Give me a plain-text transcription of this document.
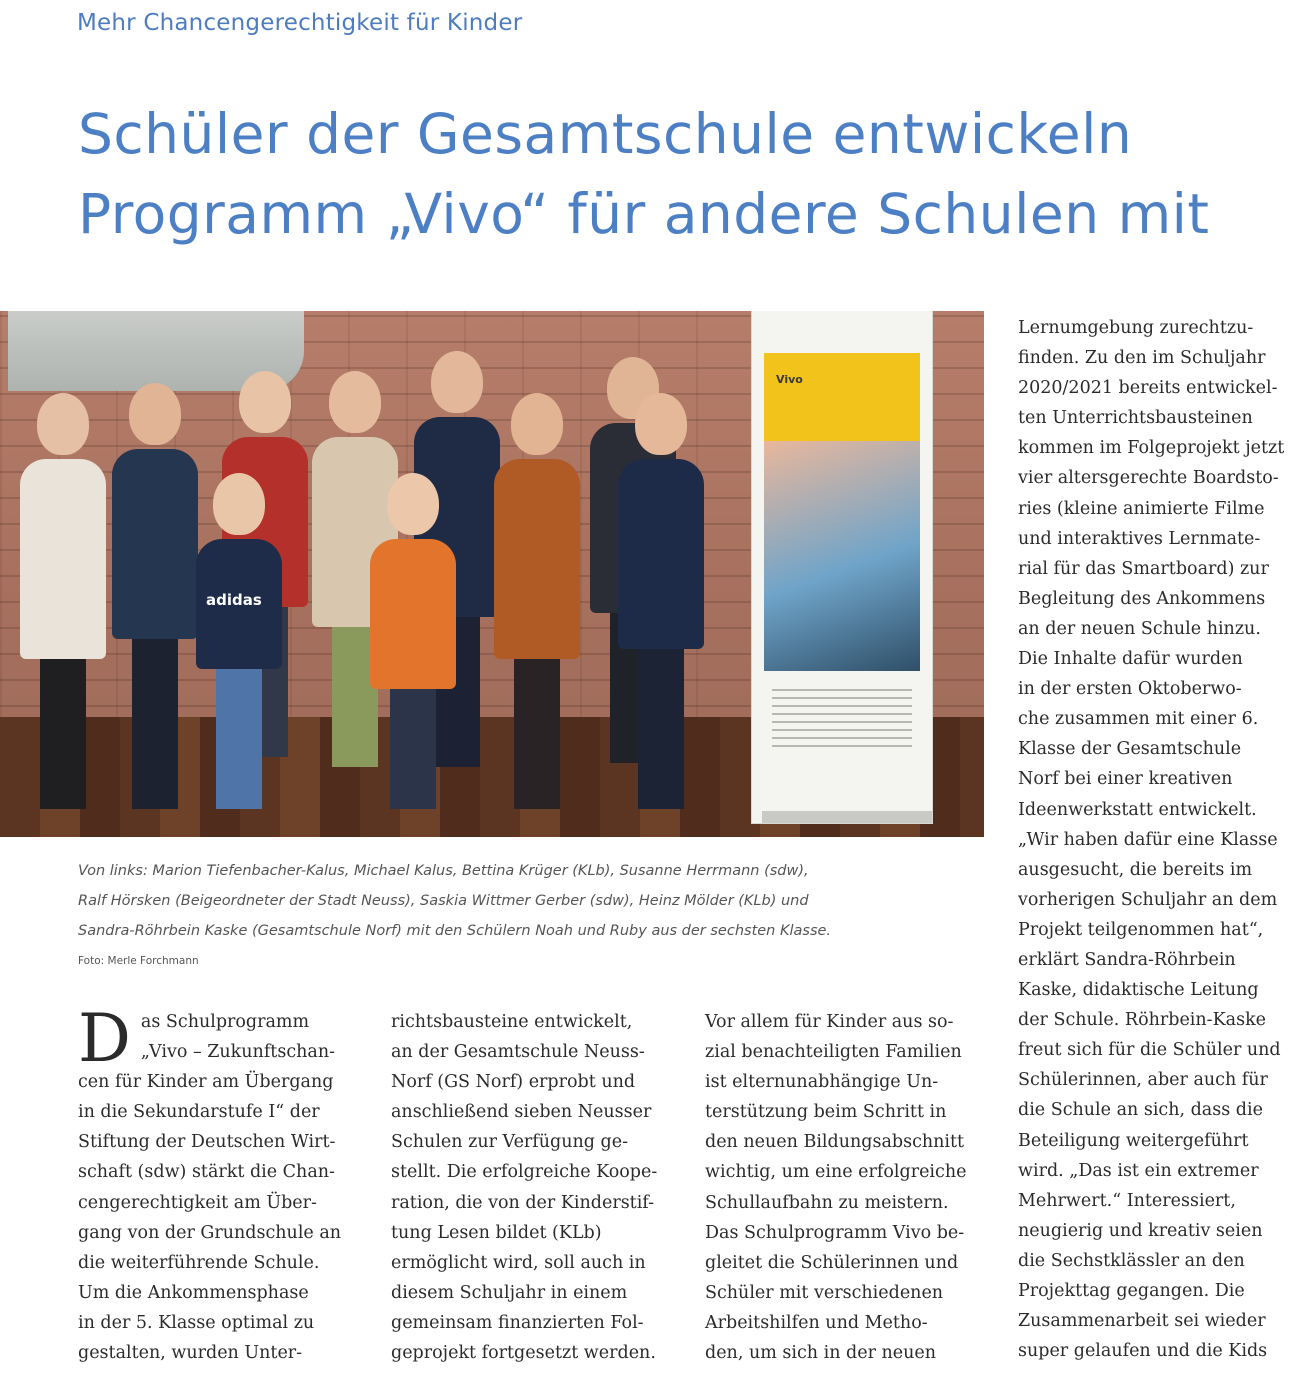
Mehr Chancengerechtigkeit für Kinder
Schüler der Gesamtschule entwickeln
Programm „Vivo“ für andere Schulen mit
adidas
Vivo
Von links: Marion Tiefenbacher-Kalus, Michael Kalus, Bettina Krüger (KLb), Susanne Herrmann (sdw),
Ralf Hörsken (Beigeordneter der Stadt Neuss), Saskia Wittmer Gerber (sdw), Heinz Mölder (KLb) und
Sandra-Röhrbein Kaske (Gesamtschule Norf) mit den Schülern Noah und Ruby aus der sechsten Klasse.
Foto: Merle Forchmann
D as Schulprogramm
„Vivo – Zukunftschan-
cen für Kinder am Übergang
in die Sekundarstufe I“ der
Stiftung der Deutschen Wirt-
schaft (sdw) stärkt die Chan-
cengerechtigkeit am Über-
gang von der Grundschule an
die weiterführende Schule.
Um die Ankommensphase
in der 5. Klasse optimal zu
gestalten, wurden Unter-
richtsbausteine entwickelt,
an der Gesamtschule Neuss-
Norf (GS Norf) erprobt und
anschließend sieben Neusser
Schulen zur Verfügung ge-
stellt. Die erfolgreiche Koope-
ration, die von der Kinderstif-
tung Lesen bildet (KLb)
ermöglicht wird, soll auch in
diesem Schuljahr in einem
gemeinsam finanzierten Fol-
geprojekt fortgesetzt werden.
Vor allem für Kinder aus so-
zial benachteiligten Familien
ist elternunabhängige Un-
terstützung beim Schritt in
den neuen Bildungsabschnitt
wichtig, um eine erfolgreiche
Schullaufbahn zu meistern.
Das Schulprogramm Vivo be-
gleitet die Schülerinnen und
Schüler mit verschiedenen
Arbeitshilfen und Metho-
den, um sich in der neuen
Lernumgebung zurechtzu-
finden. Zu den im Schuljahr
2020/2021 bereits entwickel-
ten Unterrichtsbausteinen
kommen im Folgeprojekt jetzt
vier altersgerechte Boardsto-
ries (kleine animierte Filme
und interaktives Lernmate-
rial für das Smartboard) zur
Begleitung des Ankommens
an der neuen Schule hinzu.
Die Inhalte dafür wurden
in der ersten Oktoberwo-
che zusammen mit einer 6.
Klasse der Gesamtschule
Norf bei einer kreativen
Ideenwerkstatt entwickelt.
„Wir haben dafür eine Klasse
ausgesucht, die bereits im
vorherigen Schuljahr an dem
Projekt teilgenommen hat“,
erklärt Sandra-Röhrbein
Kaske, didaktische Leitung
der Schule. Röhrbein-Kaske
freut sich für die Schüler und
Schülerinnen, aber auch für
die Schule an sich, dass die
Beteiligung weitergeführt
wird. „Das ist ein extremer
Mehrwert.“ Interessiert,
neugierig und kreativ seien
die Sechstklässler an den
Projekttag gegangen. Die
Zusammenarbeit sei wieder
super gelaufen und die Kids
